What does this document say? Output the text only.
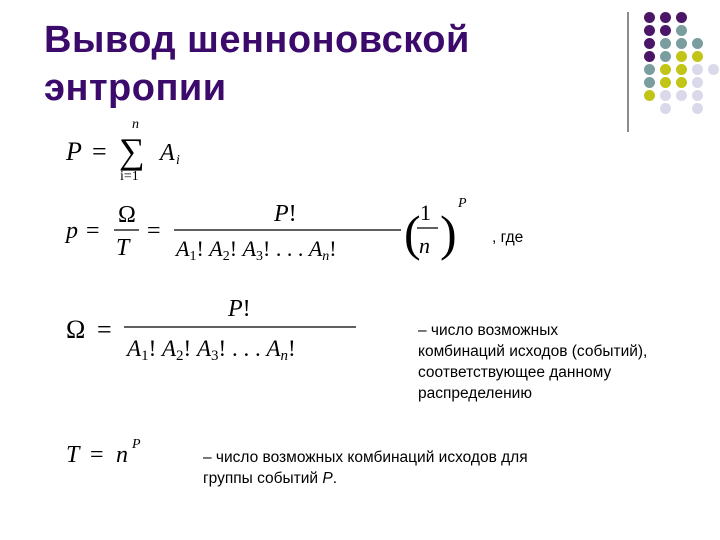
Вывод шенноновской
энтропии
P = ∑
n
i=1
A i
p =
Ω
T
=
P!
A1! A2! A3! . . . An! ( 1
n )
P
Ω =
P!
A1! A2! A3! . . . An!
T = n P
, где
– число возможных
комбинаций исходов (событий),
соответствующее данному
распределению
– число возможных комбинаций исходов для
группы событий P.
